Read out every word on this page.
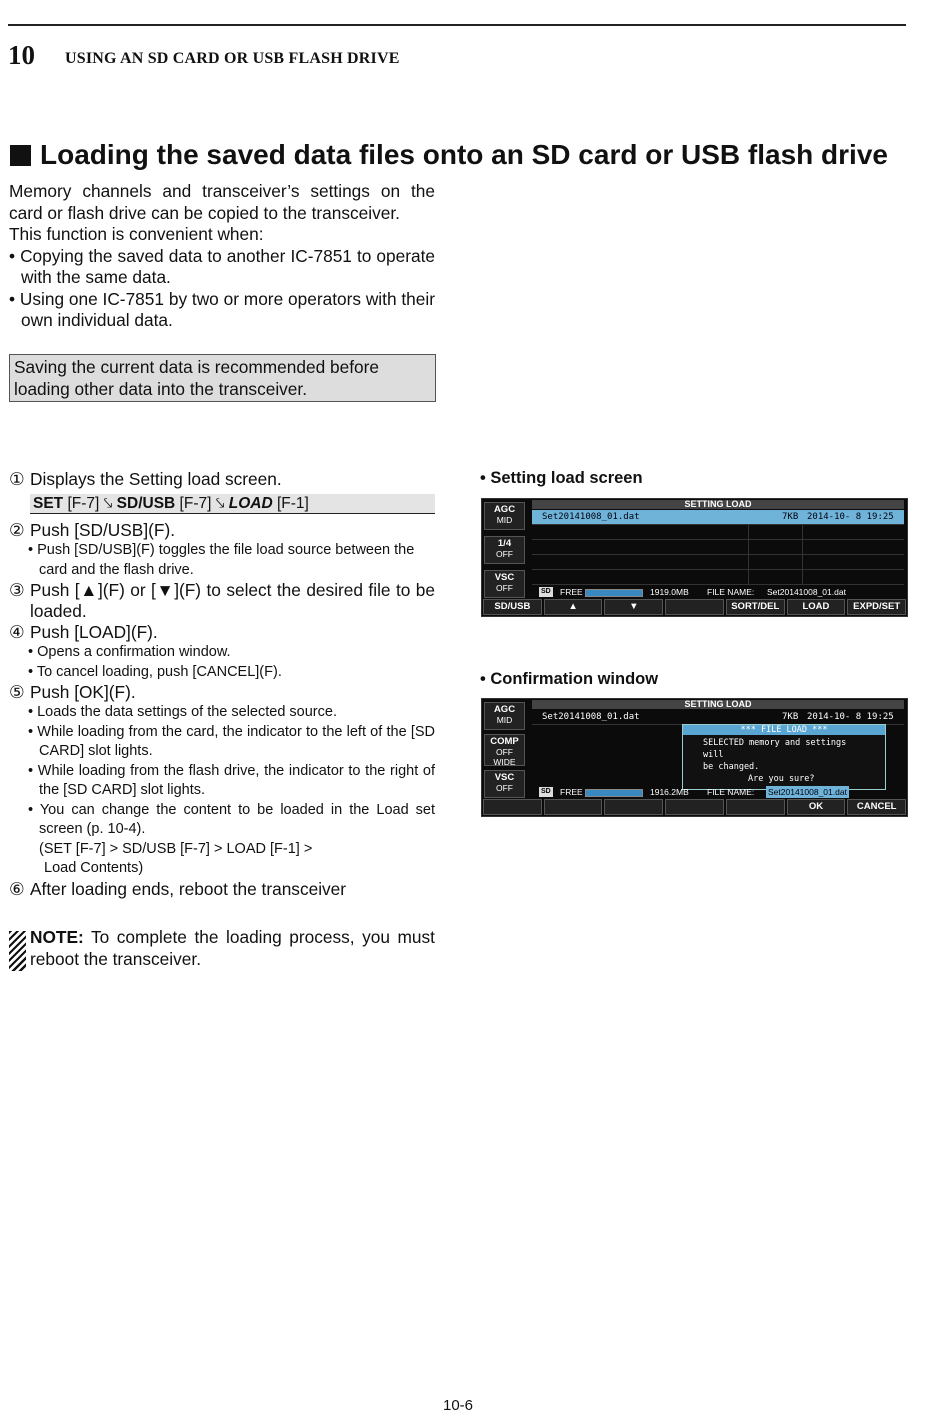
10 USING AN SD CARD OR USB FLASH DRIVE
Loading the saved data files onto an SD card or USB flash drive
Memory channels and transceiver’s settings on the card or flash drive can be copied to the transceiver.
This function is convenient when:
• Copying the saved data to another IC-7851 to operate with the same data.
• Using one IC-7851 by two or more operators with their own individual data.
Saving the current data is recommended before loading other data into the transceiver.
① Displays the Setting load screen.
SET [F-7] ⤥ SD/USB [F-7] ⤥ LOAD [F-1]
② Push [SD/USB](F).
• Push [SD/USB](F) toggles the file load source between the card and the flash drive.
③ Push [▲](F) or [▼](F) to select the desired file to be loaded.
④ Push [LOAD](F).
• Opens a confirmation window.
• To cancel loading, push [CANCEL](F).
⑤ Push [OK](F).
• Loads the data settings of the selected source.
• While loading from the card, the indicator to the left of the [SD CARD] slot lights.
• While loading from the flash drive, the indicator to the right of the [SD CARD] slot lights.
• You can change the content to be loaded in the Load set screen (p. 10-4).
(SET [F-7] > SD/USB [F-7] > LOAD [F-1] >
Load Contents)
⑥ After loading ends, reboot the transceiver
NOTE: To complete the loading process, you must reboot the transceiver.
• Setting load screen
AGC
MID
1/4
OFF
VSC
OFF
SETTING LOAD
Set20141008_01.dat	7KB 2014-10- 8 19:25
SD FREE	1919.0MB FILE NAME: Set20141008_01.dat
SD/USB	▲	▼	SORT/DEL	LOAD	EXPD/SET
• Confirmation window
AGC
MID
COMP
OFF
WIDE
VSC
OFF
SETTING LOAD
Set20141008_01.dat	7KB 2014-10- 8 19:25
*** FILE LOAD ***
SELECTED memory and settings will
be changed.
Are you sure?
SD FREE	1916.2MB FILE NAME: Set20141008_01.dat
OK	CANCEL
10-6
